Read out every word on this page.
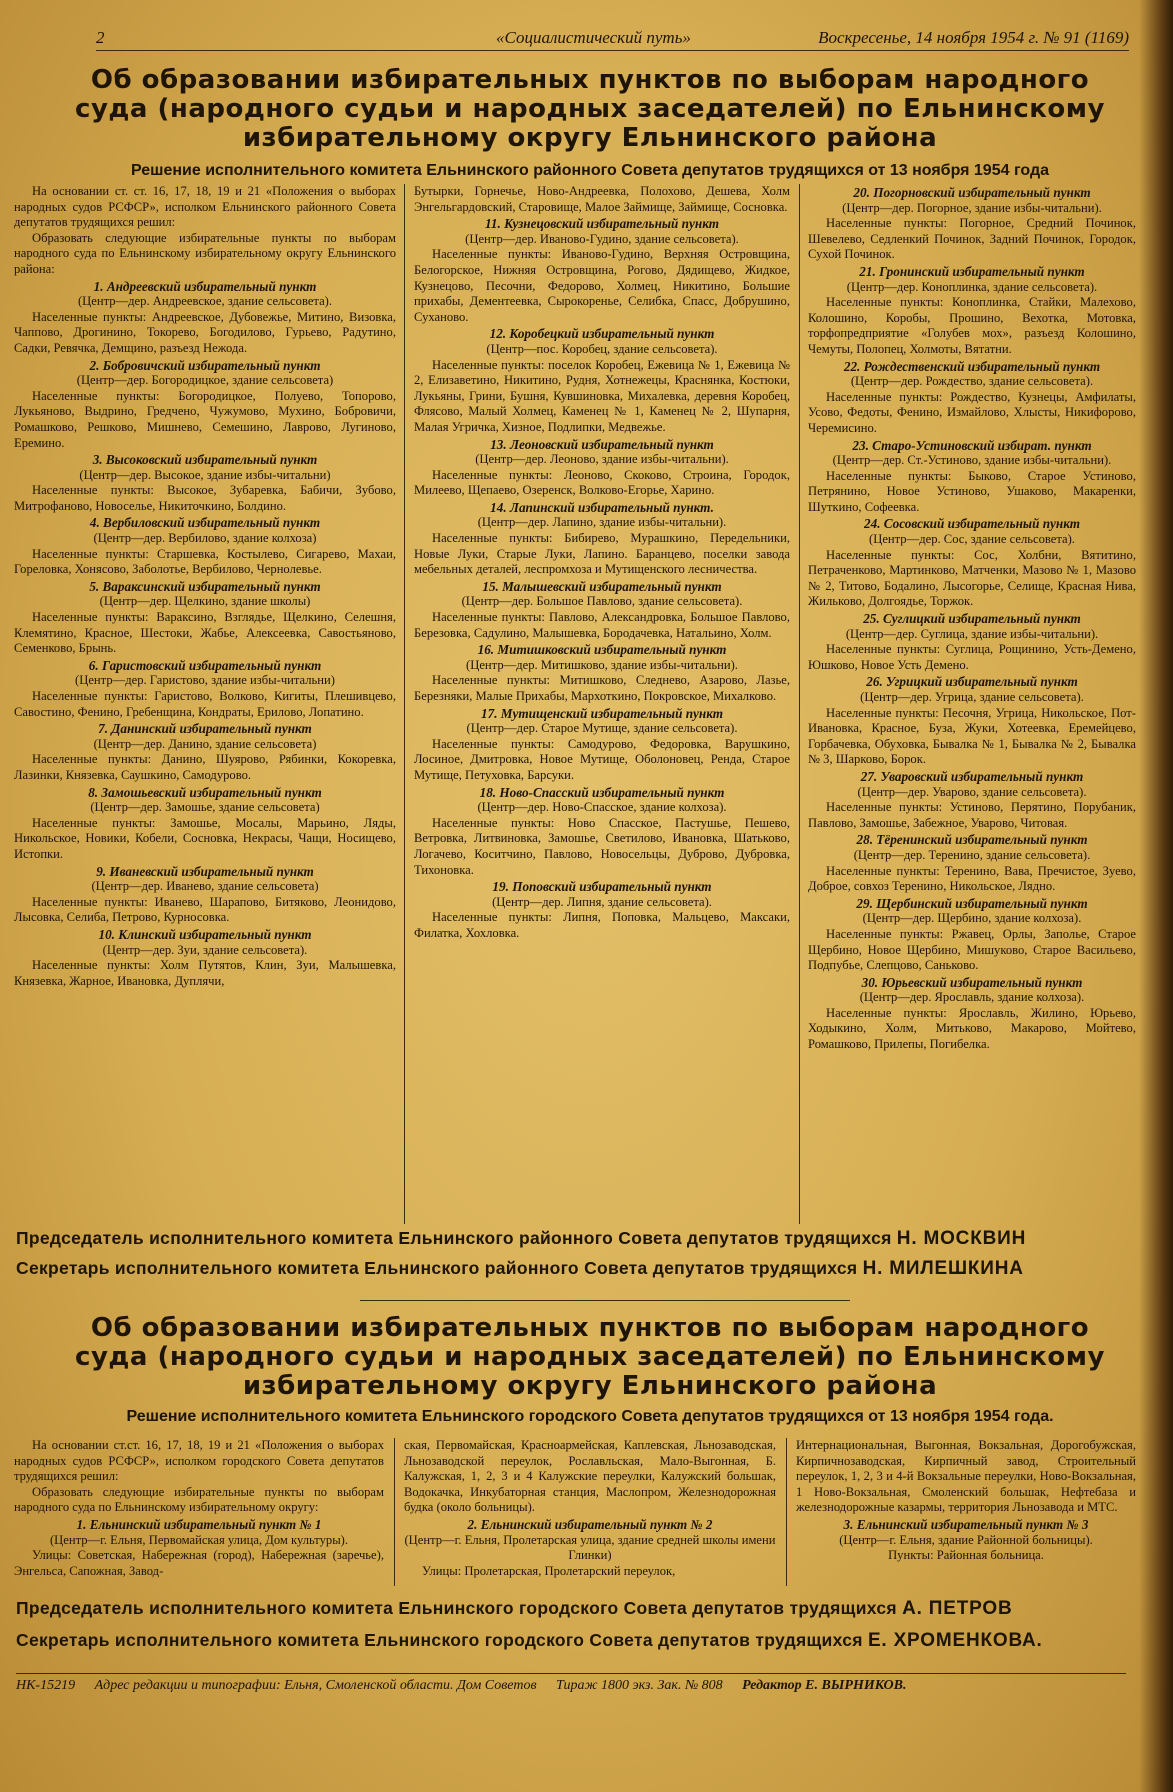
2	«Социалистический путь»	Воскресенье, 14 ноября 1954 г. № 91 (1169)
Об образовании избирательных пунктов по выборам народного суда (народного судьи и народных заседателей) по Ельнинскому избирательному округу Ельнинского района
Решение исполнительного комитета Ельнинского районного Совета депутатов трудящихся от 13 ноября 1954 года

На основании ст. ст. 16, 17, 18, 19 и 21 «Положения о выборах народных судов РСФСР», исполком Ельнинского районного Совета депутатов трудящихся решил:

Образовать следующие избирательные пункты по выборам народного суда по Ельнинскому избирательному округу Ельнинского района:

1. Андреевский избирательный пункт

(Центр—дер. Андреевское, здание сельсовета).

Населенные пункты: Андреевское, Дубовежье, Митино, Визовка, Чаппово, Дрогинино, Токорево, Богодилово, Гурьево, Радутино, Садки, Ревячка, Демщино, разъезд Нежода.

2. Бобровичский избирательный пункт

(Центр—дер. Богородицкое, здание сельсовета)

Населенные пункты: Богородицкое, Полуево, Топорово, Лукьяново, Выдрино, Гредчено, Чужумово, Мухино, Бобровичи, Ромашково, Решково, Мишнево, Семешино, Лаврово, Лугиново, Еремино.

3. Высоковский избирательный пункт

(Центр—дер. Высокое, здание избы-читальни)

Населенные пункты: Высокое, Зубаревка, Бабичи, Зубово, Митрофаново, Новоселье, Никиточкино, Болдино.

4. Вербиловский избирательный пункт

(Центр—дер. Вербилово, здание колхоза)

Населенные пункты: Старшевка, Костылево, Сигарево, Махаи, Гореловка, Хонясово, Заболотье, Вербилово, Чернолевье.

5. Вараксинский избирательный пункт

(Центр—дер. Щелкино, здание школы)

Населенные пункты: Вараксино, Взглядье, Щелкино, Селешня, Клемятино, Красное, Шестоки, Жабье, Алексеевка, Савостьяново, Семенково, Брынь.

6. Гаристовский избирательный пункт

(Центр—дер. Гаристово, здание избы-читальни)

Населенные пункты: Гаристово, Волково, Кигиты, Плешивцево, Савостино, Фенино, Гребенщина, Кондраты, Ерилово, Лопатино.

7. Данинский избирательный пункт

(Центр—дер. Данино, здание сельсовета)

Населенные пункты: Данино, Шуярово, Рябинки, Кокоревка, Лазинки, Князевка, Саушкино, Самодурово.

8. Замошьевский избирательный пункт

(Центр—дер. Замошье, здание сельсовета)

Населенные пункты: Замошье, Мосалы, Марьино, Ляды, Никольское, Новики, Кобели, Сосновка, Некрасы, Чащи, Носищево, Истопки.

9. Иваневский избирательный пункт

(Центр—дер. Иванево, здание сельсовета)

Населенные пункты: Иванево, Шарапово, Битяково, Леонидово, Лысовка, Селиба, Петрово, Курносовка.

10. Клинский избирательный пункт

(Центр—дер. Зуи, здание сельсовета).

Населенные пункты: Холм Путятов, Клин, Зуи, Малышевка, Князевка, Жарное, Ивановка, Дуплячи,

Бутырки, Горнечье, Ново-Андреевка, Полохово, Дешева, Холм Энгельгардовский, Старовище, Малое Займище, Займище, Сосновка.

11. Кузнецовский избирательный пункт

(Центр—дер. Иваново-Гудино, здание сельсовета).

Населенные пункты: Иваново-Гудино, Верхняя Островщина, Белогорское, Нижняя Островщина, Рогово, Дядищево, Жидкое, Кузнецово, Песочни, Федорово, Холмец, Никитино, Большие прихабы, Дементеевка, Сырокоренье, Селибка, Спасс, Добрушино, Суханово.

12. Коробецкий избирательный пункт

(Центр—пос. Коробец, здание сельсовета).

Населенные пункты: поселок Коробец, Ежевица № 1, Ежевица № 2, Елизаветино, Никитино, Рудня, Хотнежецы, Краснянка, Костюки, Лукьяны, Грини, Бушня, Кувшиновка, Михалевка, деревня Коробец, Флясово, Малый Холмец, Каменец № 1, Каменец № 2, Шупарня, Малая Угричка, Хизное, Подлипки, Медвежье.

13. Леоновский избирательный пункт

(Центр—дер. Леоново, здание избы-читальни).

Населенные пункты: Леоново, Скоково, Строина, Городок, Милеево, Щепаево, Озеренск, Волково-Егорье, Харино.

14. Лапинский избирательный пункт.

(Центр—дер. Лапино, здание избы-читальни).

Населенные пункты: Бибирево, Мурашкино, Передельники, Новые Луки, Старые Луки, Лапино. Баранцево, поселки завода мебельных деталей, леспромхоза и Мутищенского лесничества.

15. Малышевский избирательный пункт

(Центр—дер. Большое Павлово, здание сельсовета).

Населенные пункты: Павлово, Александровка, Большое Павлово, Березовка, Садулино, Малышевка, Бородачевка, Натальино, Холм.

16. Митишковский избирательный пункт

(Центр—дер. Митишково, здание избы-читальни).

Населенные пункты: Митишково, Следнево, Азарово, Лазье, Березняки, Малые Прихабы, Мархоткино, Покровское, Михалково.

17. Мутищенский избирательный пункт

(Центр—дер. Старое Мутище, здание сельсовета).

Населенные пункты: Самодурово, Федоровка, Варушкино, Лосиное, Дмитровка, Новое Мутище, Оболоновец, Ренда, Старое Мутище, Петуховка, Барсуки.

18. Ново-Спасский избирательный пункт

(Центр—дер. Ново-Спасское, здание колхоза).

Населенные пункты: Ново Спасское, Пастушье, Пешево, Ветровка, Литвиновка, Замошье, Светилово, Ивановка, Шатьково, Логачево, Коситчино, Павлово, Новосельцы, Дуброво, Дубровка, Тихоновка.

19. Поповский избирательный пункт

(Центр—дер. Липня, здание сельсовета).

Населенные пункты: Липня, Поповка, Мальцево, Максаки, Филатка, Хохловка.

20. Погорновский избирательный пункт

(Центр—дер. Погорное, здание избы-читальни).

Населенные пункты: Погорное, Средний Починок, Шевелево, Седленкий Починок, Задний Починок, Городок, Сухой Починок.

21. Гронинский избирательный пункт

(Центр—дер. Коноплинка, здание сельсовета).

Населенные пункты: Коноплинка, Стайки, Малехово, Колошино, Коробы, Прошино, Вехотка, Мотовка, торфопредприятие «Голубев мох», разъезд Колошино, Чемуты, Полопец, Холмоты, Вятатни.

22. Рождественский избирательный пункт

(Центр—дер. Рождество, здание сельсовета).

Населенные пункты: Рождество, Кузнецы, Амфилаты, Усово, Федоты, Фенино, Измайлово, Хлысты, Никифорово, Черемисино.

23. Старо-Устиновский избират. пункт

(Центр—дер. Ст.-Устиново, здание избы-читальни).

Населенные пункты: Быково, Старое Устиново, Петрянино, Новое Устиново, Ушаково, Макаренки, Шуткино, Софеевка.

24. Сосовский избирательный пункт

(Центр—дер. Сос, здание сельсовета).

Населенные пункты: Сос, Холбни, Вятитино, Петраченково, Мартинково, Матченки, Мазово № 1, Мазово № 2, Титово, Бодалино, Лысогорье, Селище, Красная Нива, Жильково, Долгоядье, Торжок.

25. Суглицкий избирательный пункт

(Центр—дер. Суглица, здание избы-читальни).

Населенные пункты: Суглица, Рощинино, Усть-Демено, Юшково, Новое Усть Демено.

26. Угрицкий избирательный пункт

(Центр—дер. Угрица, здание сельсовета).

Населенные пункты: Песочня, Угрица, Никольское, Пот-Ивановка, Красное, Буза, Жуки, Хотеевка, Еремейцево, Горбачевка, Обуховка, Бывалка № 1, Бывалка № 2, Бывалка № 3, Шарково, Борок.

27. Уваровский избирательный пункт

(Центр—дер. Уварово, здание сельсовета).

Населенные пункты: Устиново, Перятино, Порубаник, Павлово, Замошье, Забежное, Уварово, Читовая.

28. Тëренинский избирательный пункт

(Центр—дер. Теренино, здание сельсовета).

Населенные пункты: Теренино, Вава, Пречистое, Зуево, Доброе, совхоз Теренино, Никольское, Лядно.

29. Щербинский избирательный пункт

(Центр—дер. Щербино, здание колхоза).

Населенные пункты: Ржавец, Орлы, Заполье, Старое Щербино, Новое Щербино, Мишуково, Старое Васильево, Подпубье, Слепцово, Саньково.

30. Юрьевский избирательный пункт

(Центр—дер. Ярославль, здание колхоза).

Населенные пункты: Ярославль, Жилино, Юрьево, Ходыкино, Холм, Митьково, Макарово, Мойтево, Ромашково, Прилепы, Погибелка.

Председатель исполнительного комитета Ельнинского районного Совета депутатов трудящихся Н. МОСКВИН
Секретарь исполнительного комитета Ельнинского районного Совета депутатов трудящихся Н. МИЛЕШКИНА
Об образовании избирательных пунктов по выборам народного суда (народного судьи и народных заседателей) по Ельнинскому избирательному округу Ельнинского района
Решение исполнительного комитета Ельнинского городского Совета депутатов трудящихся от 13 ноября 1954 года.

На основании ст.ст. 16, 17, 18, 19 и 21 «Положения о выборах народных судов РСФСР», исполком городского Совета депутатов трудящихся решил:

Образовать следующие избирательные пункты по выборам народного суда по Ельнинскому избирательному округу:

1. Ельнинский избирательный пункт № 1

(Центр—г. Ельня, Первомайская улица, Дом культуры).

Улицы: Советская, Набережная (город), Набережная (заречье), Энгельса, Сапожная, Завод-

ская, Первомайская, Красноармейская, Каплевская, Льнозаводская, Льнозаводской переулок, Рославльская, Мало-Выгонная, Б. Калужская, 1, 2, 3 и 4 Калужские переулки, Калужский большак, Водокачка, Инкубаторная станция, Маслопром, Железнодорожная будка (около больницы).

2. Ельнинский избирательный пункт № 2

(Центр—г. Ельня, Пролетарская улица, здание средней школы имени Глинки)

Улицы: Пролетарская, Пролетарский переулок,

Интернациональная, Выгонная, Вокзальная, Дорогобужская, Кирпичнозаводская, Кирпичный завод, Строительный переулок, 1, 2, 3 и 4-й Вокзальные переулки, Ново-Вокзальная, 1 Ново-Вокзальная, Смоленский большак, Нефтебаза и железнодорожные казармы, территория Льнозавода и МТС.

3. Ельнинский избирательный пункт № 3

(Центр—г. Ельня, здание Районной больницы).

Пункты: Районная больница.

Председатель исполнительного комитета Ельнинского городского Совета депутатов трудящихся А. ПЕТРОВ
Секретарь исполнительного комитета Ельнинского городского Совета депутатов трудящихся Е. ХРОМЕНКОВА.
НК-15219 Адрес редакции и типографии: Ельня, Смоленской области. Дом Советов Тираж 1800 экз. Зак. № 808 Редактор Е. ВЫРНИКОВ.
